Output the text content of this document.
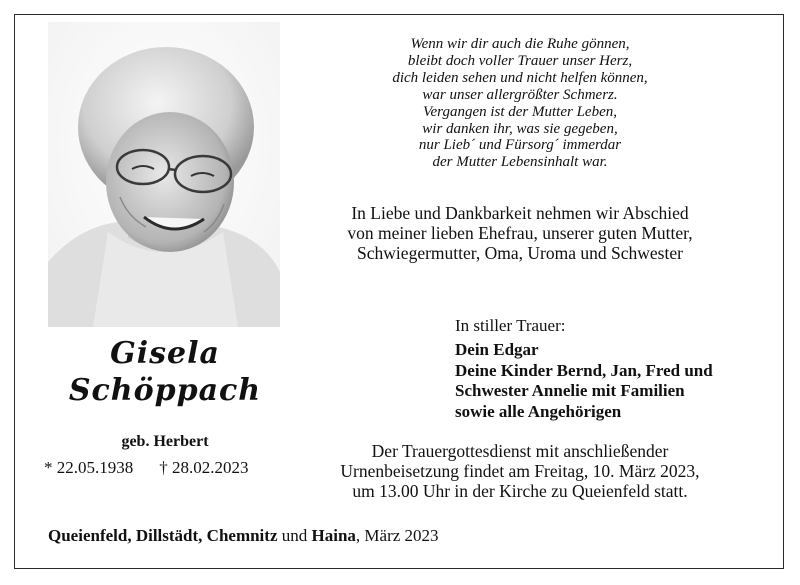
Wenn wir dir auch die Ruhe gönnen,
bleibt doch voller Trauer unser Herz,
dich leiden sehen und nicht helfen können,
war unser allergrößter Schmerz.
Vergangen ist der Mutter Leben,
wir danken ihr, was sie gegeben,
nur Lieb´ und Fürsorg´ immerdar
der Mutter Lebensinhalt war.
In Liebe und Dankbarkeit nehmen wir Abschied
von meiner lieben Ehefrau, unserer guten Mutter,
Schwiegermutter, Oma, Uroma und Schwester
Gisela
Schöppach
geb. Herbert
* 22.05.1938 † 28.02.2023
In stiller Trauer:
Dein Edgar
Deine Kinder Bernd, Jan, Fred und
Schwester Annelie mit Familien
sowie alle Angehörigen
Der Trauergottesdienst mit anschließender
Urnenbeisetzung findet am Freitag, 10. März 2023,
um 13.00 Uhr in der Kirche zu Queienfeld statt.
Queienfeld, Dillstädt, Chemnitz und Haina, März 2023
